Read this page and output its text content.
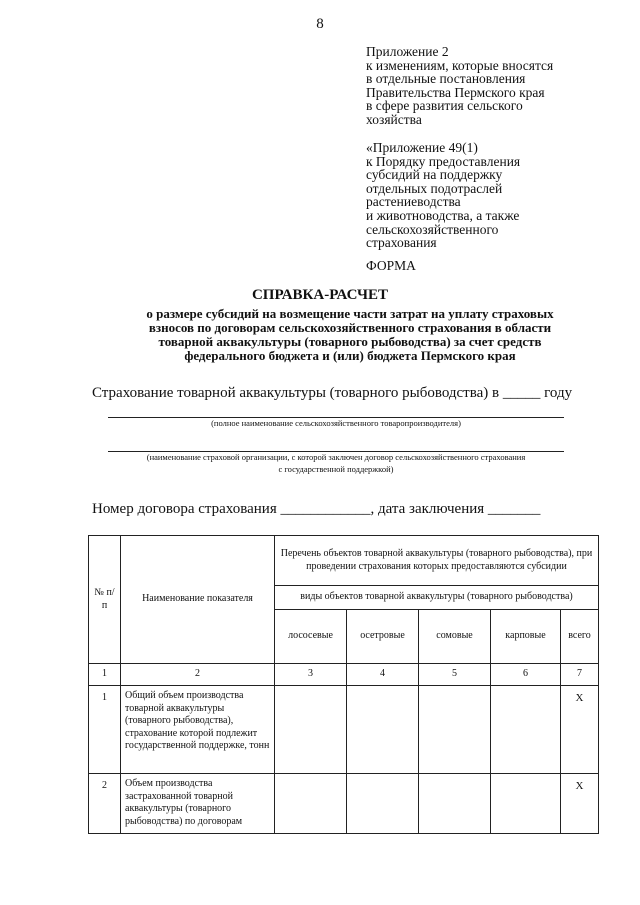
8
Приложение 2
к изменениям, которые вносятся
в отдельные постановления
Правительства Пермского края
в сфере развития сельского
хозяйства
«Приложение 49(1)
к Порядку предоставления
субсидий на поддержку
отдельных подотраслей
растениеводства
и животноводства, а также
сельскохозяйственного
страхования
ФОРМА
СПРАВКА-РАСЧЕТ
о размере субсидий на возмещение части затрат на уплату страховых
взносов по договорам сельскохозяйственного страхования в области
товарной аквакультуры (товарного рыбоводства) за счет средств
федерального бюджета и (или) бюджета Пермского края
Страхование товарной аквакультуры (товарного рыбоводства) в _____ году
(полное наименование сельскохозяйственного товаропроизводителя)
(наименование страховой организации, с которой заключен договор сельскохозяйственного страхования
с государственной поддержкой)
Номер договора страхования ____________, дата заключения _______
№ п/п	Наименование показателя	Перечень объектов товарной аквакультуры (товарного рыбоводства), при проведении страхования которых предоставляются субсидии				
		виды объектов товарной аквакультуры (товарного рыбоводства)				
		лососевые	осетровые	сомовые	карповые	всего
1	2	3	4	5	6	7
1	Общий объем производства товарной аквакультуры (товарного рыбоводства), страхование которой подлежит государственной поддержке, тонн					Х
2	Объем производства застрахованной товарной аквакультуры (товарного рыбоводства) по договорам					Х
